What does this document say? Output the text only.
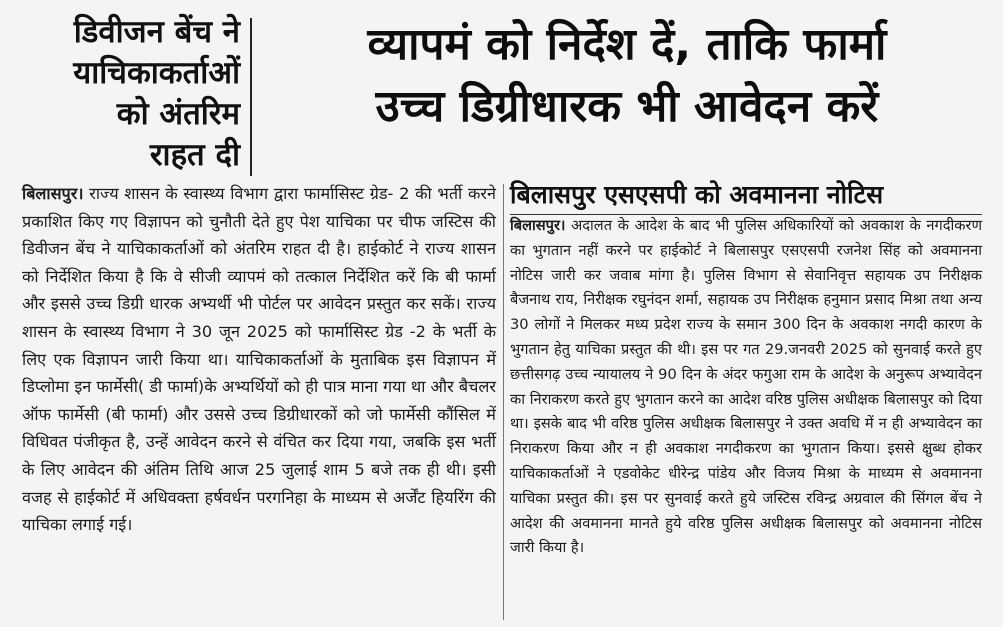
डिवीजन बेंच ने
याचिकाकर्ताओं
को अंतरिम
राहत दी
व्यापमं को निर्देश दें, ताकि फार्मा
उच्च डिग्रीधारक भी आवेदन करें
बिलासपुर। राज्य शासन के स्वास्थ्य विभाग द्वारा फार्मासिस्ट ग्रेड- 2 की भर्ती करने प्रकाशित किए गए विज्ञापन को चुनौती देते हुए पेश याचिका पर चीफ जस्टिस की डिवीजन बेंच ने याचिकाकर्ताओं को अंतरिम राहत दी है। हाईकोर्ट ने राज्य शासन को निर्देशित किया है कि वे सीजी व्यापमं को तत्काल निर्देशित करें कि बी फार्मा और इससे उच्च डिग्री धारक अभ्यर्थी भी पोर्टल पर आवेदन प्रस्तुत कर सकें। राज्य शासन के स्वास्थ्य विभाग ने 30 जून 2025 को फार्मासिस्ट ग्रेड -2 के भर्ती के लिए एक विज्ञापन जारी किया था। याचिकाकर्ताओं के मुताबिक इस विज्ञापन में डिप्लोमा इन फार्मेसी( डी फार्मा)के अभ्यर्थियों को ही पात्र माना गया था और बैचलर ऑफ फार्मेसी (बी फार्मा) और उससे उच्च डिग्रीधारकों को जो फार्मेसी कौंसिल में विधिवत पंजीकृत है, उन्हें आवेदन करने से वंचित कर दिया गया, जबकि इस भर्ती के लिए आवेदन की अंतिम तिथि आज 25 जुलाई शाम 5 बजे तक ही थी। इसी वजह से हाईकोर्ट में अधिवक्ता हर्षवर्धन परगनिहा के माध्यम से अर्जेंट हियरिंग की याचिका लगाई गई।
बिलासपुर एसएसपी को अवमानना नोटिस
बिलासपुर। अदालत के आदेश के बाद भी पुलिस अधिकारियों को अवकाश के नगदीकरण का भुगतान नहीं करने पर हाईकोर्ट ने बिलासपुर एसएसपी रजनेश सिंह को अवमानना नोटिस जारी कर जवाब मांगा है। पुलिस विभाग से सेवानिवृत्त सहायक उप निरीक्षक बैजनाथ राय, निरीक्षक रघुनंदन शर्मा, सहायक उप निरीक्षक हनुमान प्रसाद मिश्रा तथा अन्य 30 लोगों ने मिलकर मध्य प्रदेश राज्य के समान 300 दिन के अवकाश नगदी कारण के भुगतान हेतु याचिका प्रस्तुत की थी। इस पर गत 29.जनवरी 2025 को सुनवाई करते हुए छत्तीसगढ़ उच्च न्यायालय ने 90 दिन के अंदर फगुआ राम के आदेश के अनुरूप अभ्यावेदन का निराकरण करते हुए भुगतान करने का आदेश वरिष्ठ पुलिस अधीक्षक बिलासपुर को दिया था। इसके बाद भी वरिष्ठ पुलिस अधीक्षक बिलासपुर ने उक्त अवधि में न ही अभ्यावेदन का निराकरण किया और न ही अवकाश नगदीकरण का भुगतान किया। इससे क्षुब्ध होकर याचिकाकर्ताओं ने एडवोकेट धीरेन्द्र पांडेय और विजय मिश्रा के माध्यम से अवमानना याचिका प्रस्तुत की। इस पर सुनवाई करते हुये जस्टिस रविन्द्र अग्रवाल की सिंगल बेंच ने आदेश की अवमानना मानते हुये वरिष्ठ पुलिस अधीक्षक बिलासपुर को अवमानना नोटिस जारी किया है।
